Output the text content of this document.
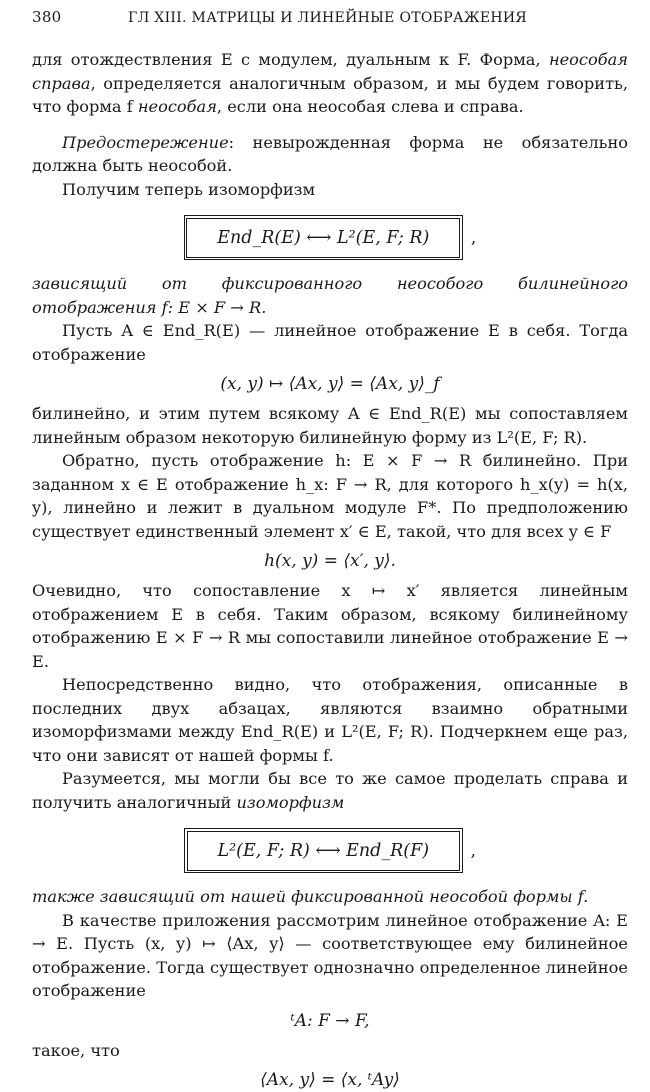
380	ГЛ XIII. МАТРИЦЫ И ЛИНЕЙНЫЕ ОТОБРАЖЕНИЯ

для отождествления E с модулем, дуальным к F. Форма, неособая справа, определяется аналогичным образом, и мы будем говорить, что форма f неособая, если она неособая слева и справа.

Предостережение: невырожденная форма не обязательно должна быть неособой.

Получим теперь изоморфизм

End_R(E) ⟷ L²(E, F; R)	,

зависящий от фиксированного неособого билинейного отображения f: E × F → R.

Пусть A ∈ End_R(E) — линейное отображение E в себя. Тогда отображение

(x, y) ↦ ⟨Ax, y⟩ = ⟨Ax, y⟩_f

билинейно, и этим путем всякому A ∈ End_R(E) мы сопоставляем линейным образом некоторую билинейную форму из L²(E, F; R).

Обратно, пусть отображение h: E × F → R билинейно. При заданном x ∈ E отображение h_x: F → R, для которого h_x(y) = h(x, y), линейно и лежит в дуальном модуле F*. По предположению существует единственный элемент x′ ∈ E, такой, что для всех y ∈ F

h(x, y) = ⟨x′, y⟩.

Очевидно, что сопоставление x ↦ x′ является линейным отображением E в себя. Таким образом, всякому билинейному отображению E × F → R мы сопоставили линейное отображение E → E.

Непосредственно видно, что отображения, описанные в последних двух абзацах, являются взаимно обратными изоморфизмами между End_R(E) и L²(E, F; R). Подчеркнем еще раз, что они зависят от нашей формы f.

Разумеется, мы могли бы все то же самое проделать справа и получить аналогичный изоморфизм

L²(E, F; R) ⟷ End_R(F)	,

также зависящий от нашей фиксированной неособой формы f.

В качестве приложения рассмотрим линейное отображение A: E → E. Пусть (x, y) ↦ ⟨Ax, y⟩ — соответствующее ему билинейное отображение. Тогда существует однозначно определенное линейное отображение

ᵗA: F → F,

такое, что

⟨Ax, y⟩ = ⟨x, ᵗAy⟩
